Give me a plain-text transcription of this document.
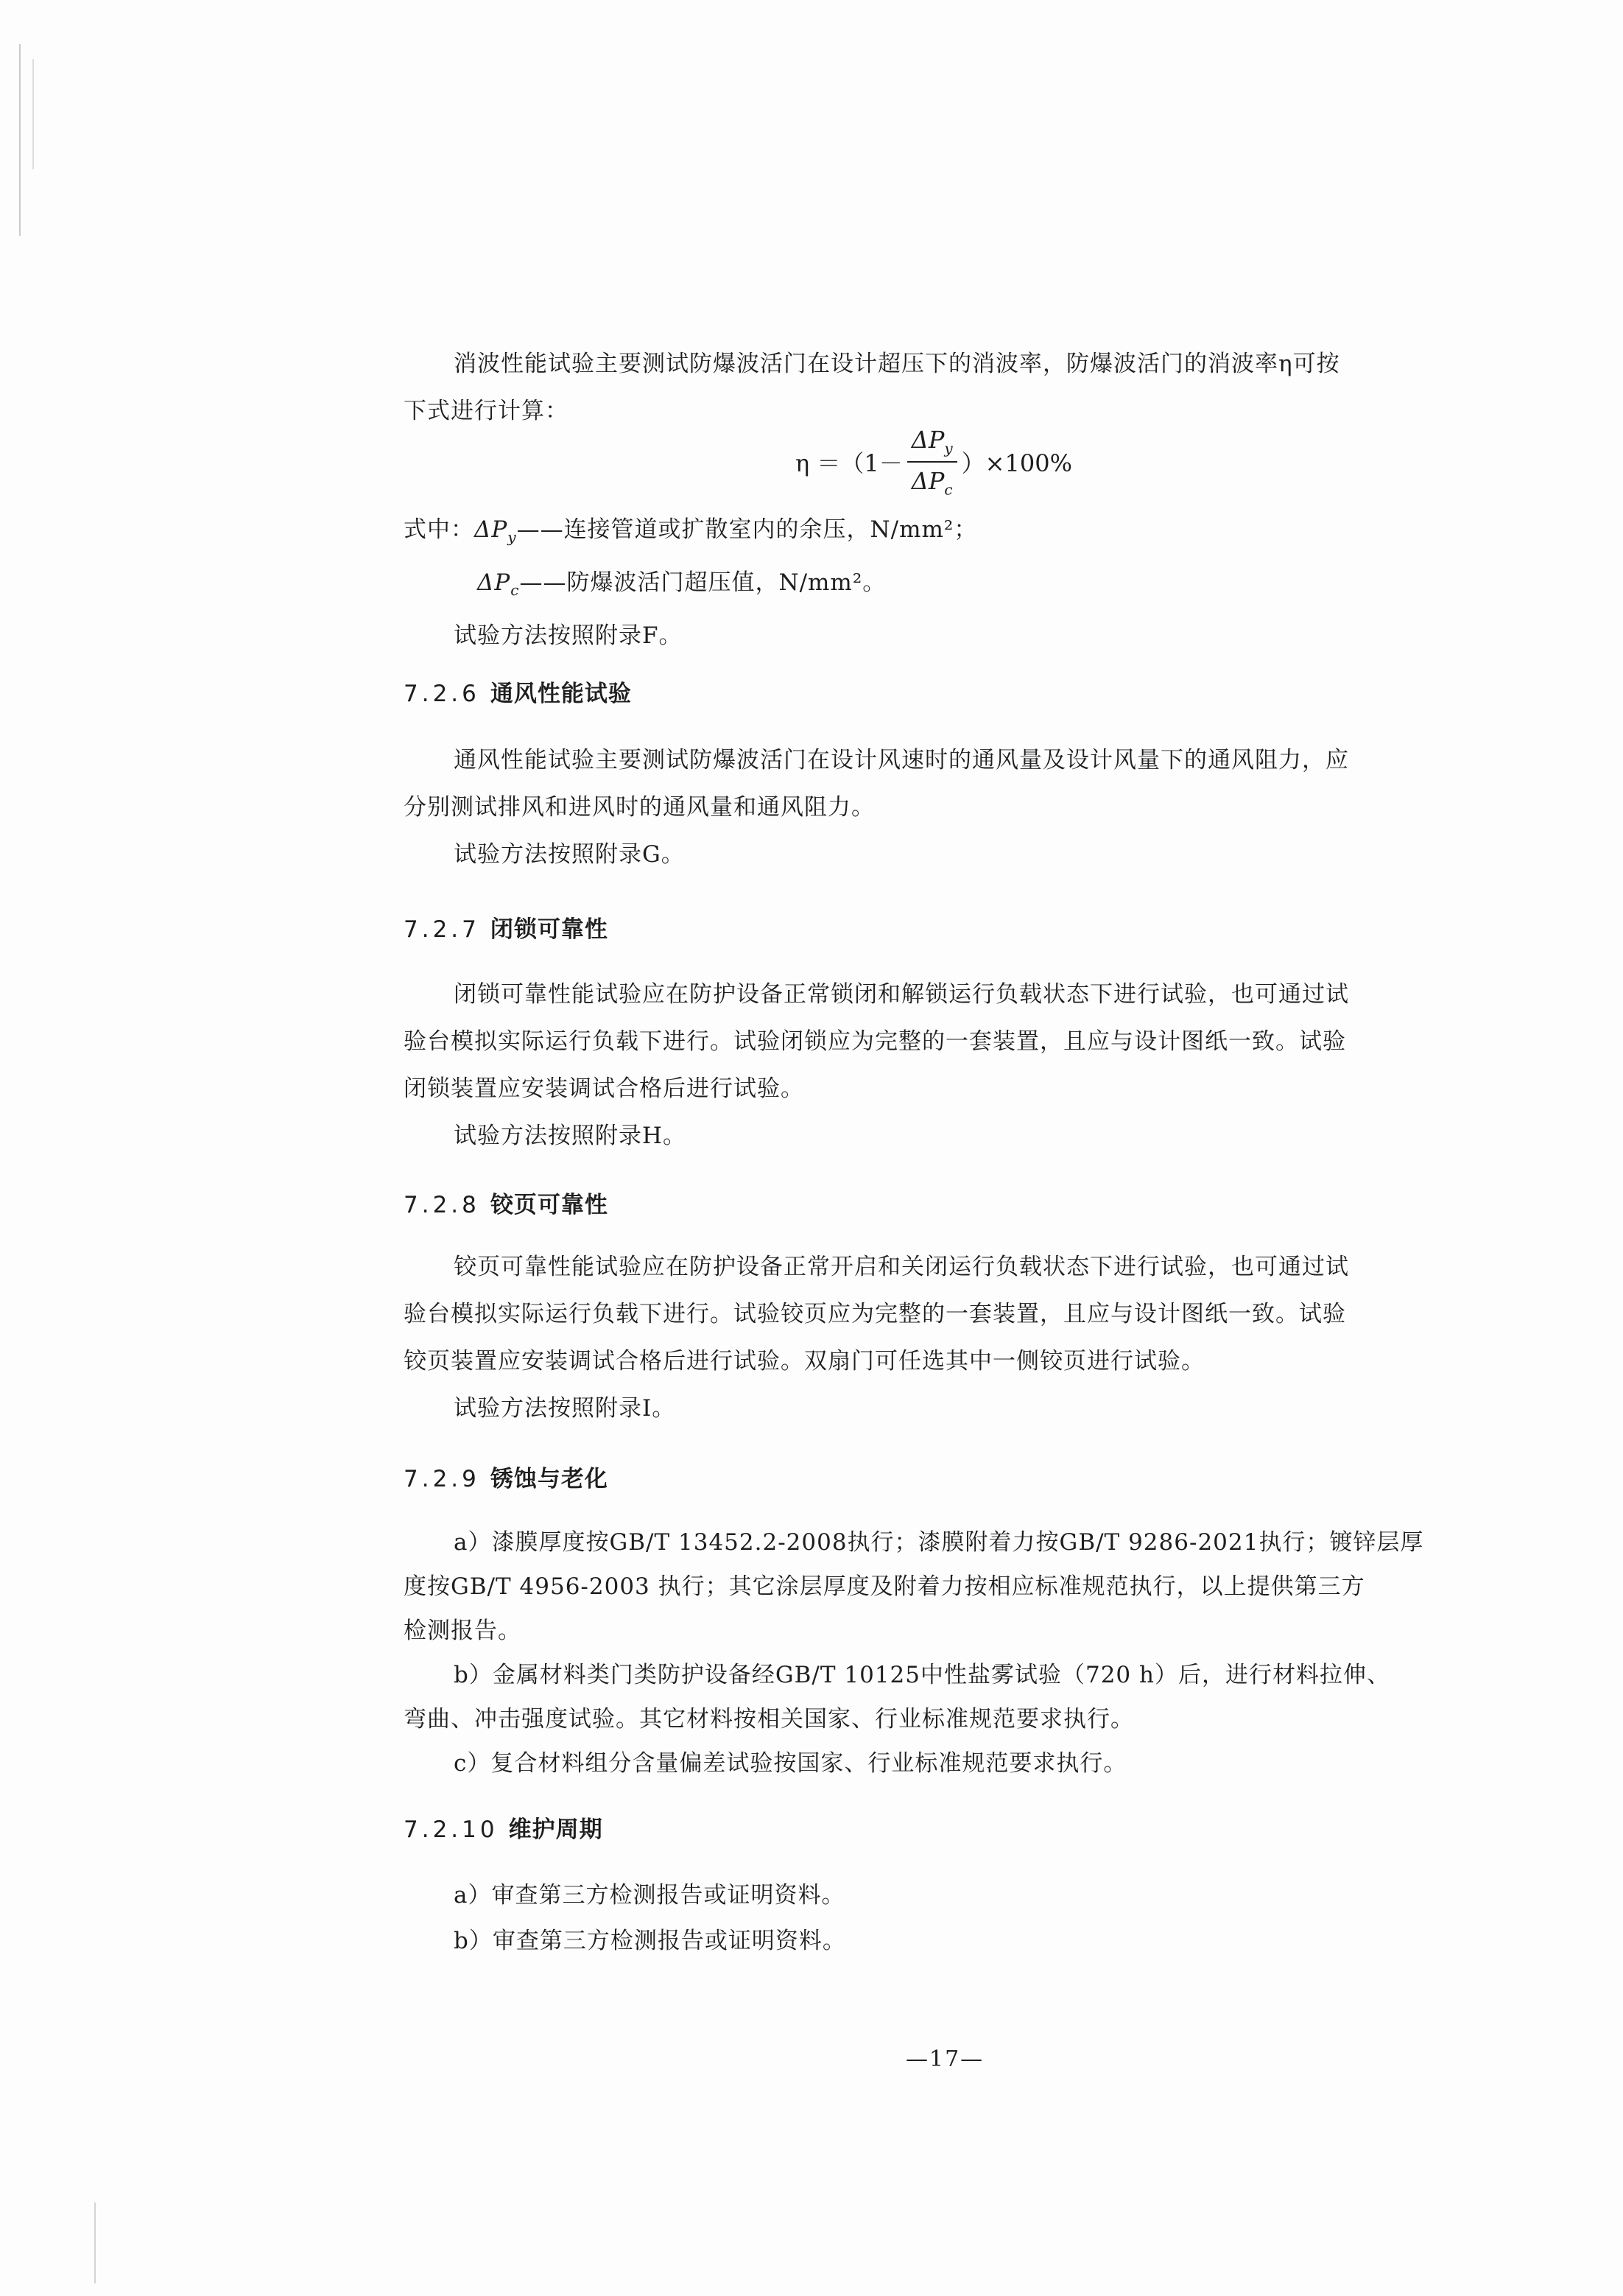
消波性能试验主要测试防爆波活门在设计超压下的消波率，防爆波活门的消波率η可按
下式进行计算：
$\eta =(1- \frac{\Delta P_y}{\Delta P_c} )\times 100\%$
式中：$\Delta P_y——$连接管道或扩散室内的余压，N/mm²；
$\Delta P_c——$防爆波活门超压值，N/mm²。
试验方法按照附录F。
7.2.6 通风性能试验
通风性能试验主要测试防爆波活门在设计风速时的通风量及设计风量下的通风阻力，应
分别测试排风和进风时的通风量和通风阻力。
试验方法按照附录G。
7.2.7 闭锁可靠性
闭锁可靠性能试验应在防护设备正常锁闭和解锁运行负载状态下进行试验，也可通过试
验台模拟实际运行负载下进行。试验闭锁应为完整的一套装置，且应与设计图纸一致。试验
闭锁装置应安装调试合格后进行试验。
试验方法按照附录H。
7.2.8 铰页可靠性
铰页可靠性能试验应在防护设备正常开启和关闭运行负载状态下进行试验，也可通过试
验台模拟实际运行负载下进行。试验铰页应为完整的一套装置，且应与设计图纸一致。试验
铰页装置应安装调试合格后进行试验。双扇门可任选其中一侧铰页进行试验。
试验方法按照附录I。
7.2.9 锈蚀与老化
a）漆膜厚度按GB/T 13452.2-2008执行；漆膜附着力按GB/T 9286-2021执行；镀锌层厚
度按GB/T 4956-2003 执行；其它涂层厚度及附着力按相应标准规范执行，以上提供第三方
检测报告。
b）金属材料类门类防护设备经GB/T 10125中性盐雾试验（720 h）后，进行材料拉伸、
弯曲、冲击强度试验。其它材料按相关国家、行业标准规范要求执行。
c）复合材料组分含量偏差试验按国家、行业标准规范要求执行。
7.2.10 维护周期
a）审查第三方检测报告或证明资料。
b）审查第三方检测报告或证明资料。
—17—
